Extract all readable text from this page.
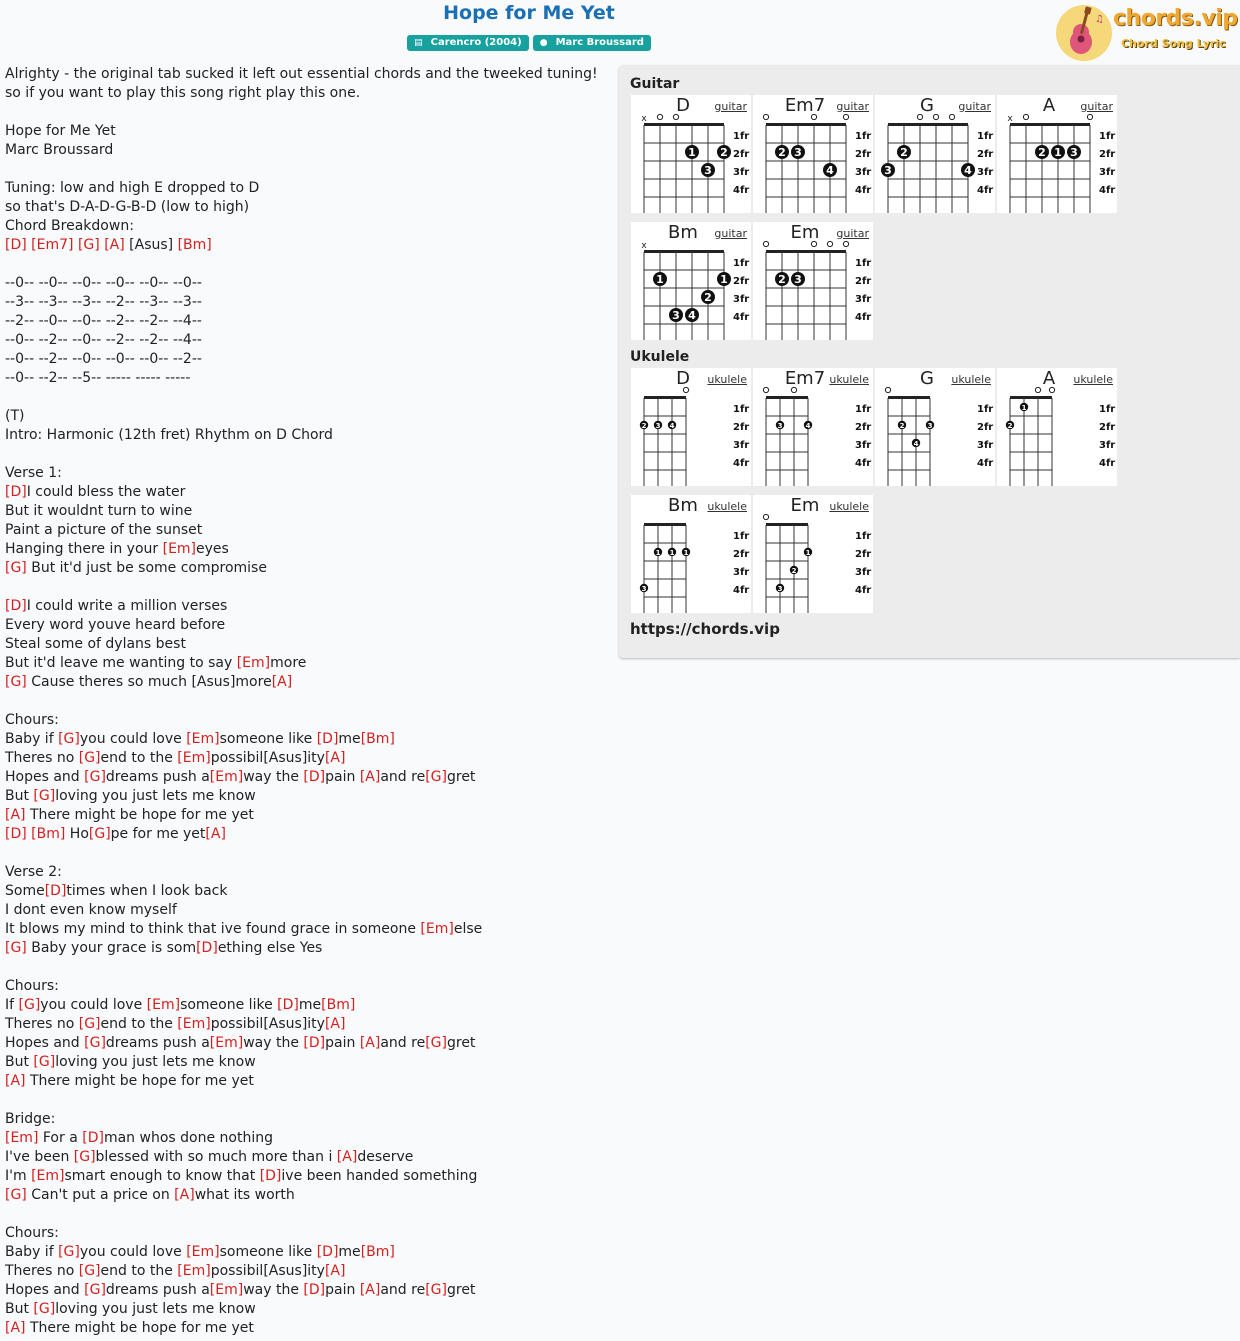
Hope for Me Yet
▤ Carencro (2004) ● Marc Broussard
♫ chords.vip
Chord Song Lyric
Alrighty - the original tab sucked it left out essential chords and the tweeked tuning!
so if you want to play this song right play this one.
Hope for Me Yet
Marc Broussard
Tuning: low and high E dropped to D
so that's D-A-D-G-B-D (low to high)
Chord Breakdown:
[D] [Em7] [G] [A] [Asus] [Bm]
--0-- --0-- --0-- --0-- --0-- --0--
--3-- --3-- --3-- --2-- --3-- --3--
--2-- --0-- --0-- --2-- --2-- --4--
--0-- --2-- --0-- --2-- --2-- --4--
--0-- --2-- --0-- --0-- --0-- --2--
--0-- --2-- --5-- ----- ----- -----
(T)
Intro: Harmonic (12th fret) Rhythm on D Chord
Verse 1:
[D]I could bless the water
But it wouldnt turn to wine
Paint a picture of the sunset
Hanging there in your [Em]eyes
[G] But it'd just be some compromise
[D]I could write a million verses
Every word youve heard before
Steal some of dylans best
But it'd leave me wanting to say [Em]more
[G] Cause theres so much [Asus]more[A]
Chours:
Baby if [G]you could love [Em]someone like [D]me[Bm]
Theres no [G]end to the [Em]possibil[Asus]ity[A]
Hopes and [G]dreams push a[Em]way the [D]pain [A]and re[G]gret
But [G]loving you just lets me know
[A] There might be hope for me yet
[D] [Bm] Ho[G]pe for me yet[A]
Verse 2:
Some[D]times when I look back
I dont even know myself
It blows my mind to think that ive found grace in someone [Em]else
[G] Baby your grace is som[D]ething else Yes
Chours:
If [G]you could love [Em]someone like [D]me[Bm]
Theres no [G]end to the [Em]possibil[Asus]ity[A]
Hopes and [G]dreams push a[Em]way the [D]pain [A]and re[G]gret
But [G]loving you just lets me know
[A] There might be hope for me yet
Bridge:
[Em] For a [D]man whos done nothing
I've been [G]blessed with so much more than i [A]deserve
I'm [Em]smart enough to know that [D]ive been handed something
[G] Can't put a price on [A]what its worth
Chours:
Baby if [G]you could love [Em]someone like [D]me[Bm]
Theres no [G]end to the [Em]possibil[Asus]ity[A]
Hopes and [G]dreams push a[Em]way the [D]pain [A]and re[G]gret
But [G]loving you just lets me know
[A] There might be hope for me yet
Guitar
Ukulele
https://chords.vip
D	guitar
1fr
2fr
3fr
4fr
x
1 2
3
Em7	guitar
1fr
2fr
3fr
4fr
2 3
4
G	guitar
1fr
2fr
3fr
4fr
2
3	4
A	guitar
1fr
2fr
3fr
4fr
x
2 1 3
Bm	guitar
1fr
2fr
3fr
4fr
x
1	1
2
3 4
Em	guitar
1fr
2fr
3fr
4fr
2 3
D	ukulele
1fr
2fr
3fr
4fr
2 3 4
Em7 ukulele
1fr
2fr
3fr
4fr
3	4
G	ukulele
1fr
2fr
3fr
4fr
2	3
4
A	ukulele
1fr
2fr
3fr
4fr
2
1
Bm ukulele
1fr
2fr
3fr
4fr
1 1 1
3
Em ukulele
1fr
2fr
3fr
4fr
1
2
3
